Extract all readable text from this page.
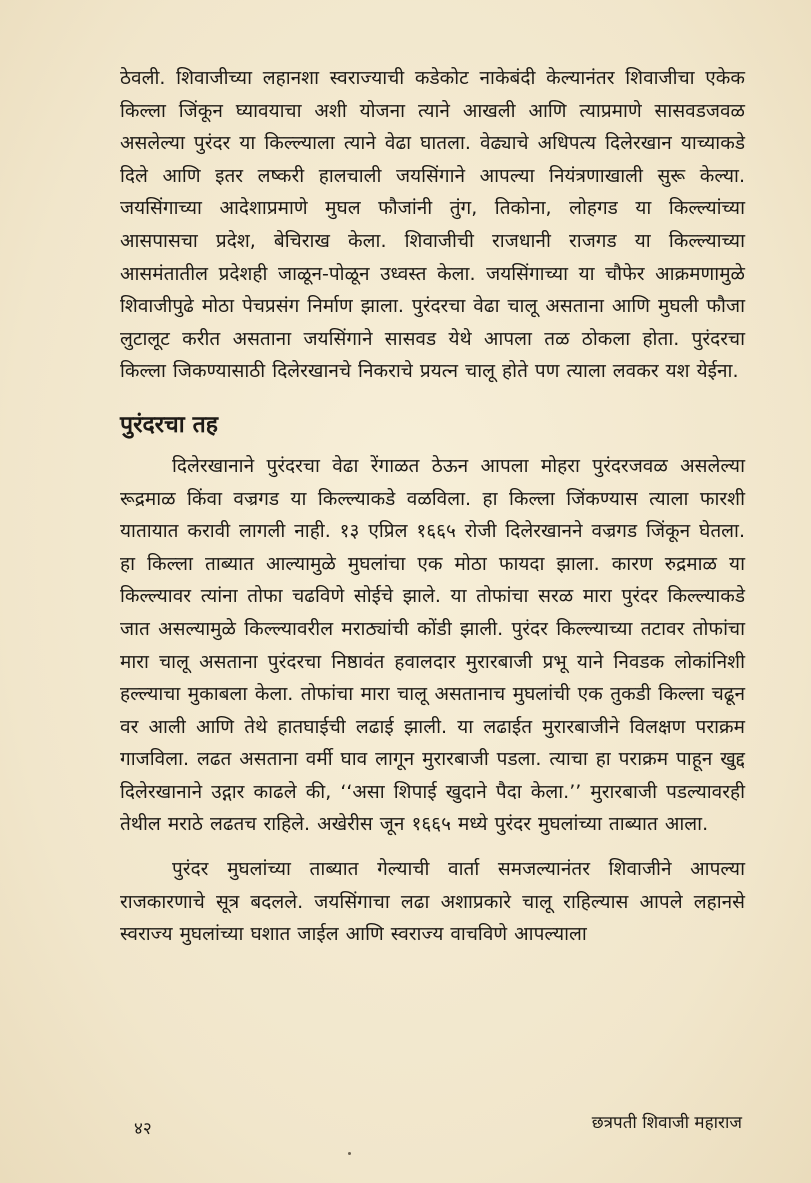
ठेवली. शिवाजीच्या लहानशा स्वराज्याची कडेकोट नाकेबंदी केल्यानंतर शिवाजीचा एकेक किल्ला जिंकून घ्यावयाचा अशी योजना त्याने आखली आणि त्याप्रमाणे सासवडजवळ असलेल्या पुरंदर या किल्ल्याला त्याने वेढा घातला. वेढ्याचे अधिपत्य दिलेरखान याच्याकडे दिले आणि इतर लष्करी हालचाली जयसिंगाने आपल्या नियंत्रणाखाली सुरू केल्या. जयसिंगाच्या आदेशाप्रमाणे मुघल फौजांनी तुंग, तिकोना, लोहगड या किल्ल्यांच्या आसपासचा प्रदेश, बेचिराख केला. शिवाजीची राजधानी राजगड या किल्ल्याच्या आसमंतातील प्रदेशही जाळून-पोळून उध्वस्त केला. जयसिंगाच्या या चौफेर आक्रमणामुळे शिवाजीपुढे मोठा पेचप्रसंग निर्माण झाला. पुरंदरचा वेढा चालू असताना आणि मुघली फौजा लुटालूट करीत असताना जयसिंगाने सासवड येथे आपला तळ ठोकला होता. पुरंदरचा किल्ला जिकण्यासाठी दिलेरखानचे निकराचे प्रयत्न चालू होते पण त्याला लवकर यश येईना.

पुरंदरचा तह

दिलेरखानाने पुरंदरचा वेढा रेंगाळत ठेऊन आपला मोहरा पुरंदरजवळ असलेल्या रूद्रमाळ किंवा वज्रगड या किल्ल्याकडे वळविला. हा किल्ला जिंकण्यास त्याला फारशी यातायात करावी लागली नाही. १३ एप्रिल १६६५ रोजी दिलेरखानने वज्रगड जिंकून घेतला. हा किल्ला ताब्यात आल्यामुळे मुघलांचा एक मोठा फायदा झाला. कारण रुद्रमाळ या किल्ल्यावर त्यांना तोफा चढविणे सोईचे झाले. या तोफांचा सरळ मारा पुरंदर किल्ल्याकडे जात असल्यामुळे किल्ल्यावरील मराठ्यांची कोंडी झाली. पुरंदर किल्ल्याच्या तटावर तोफांचा मारा चालू असताना पुरंदरचा निष्ठावंत हवालदार मुरारबाजी प्रभू याने निवडक लोकांनिशी हल्ल्याचा मुकाबला केला. तोफांचा मारा चालू असतानाच मुघलांची एक तुकडी किल्ला चढून वर आली आणि तेथे हातघाईची लढाई झाली. या लढाईत मुरारबाजीने विलक्षण पराक्रम गाजविला. लढत असताना वर्मी घाव लागून मुरारबाजी पडला. त्याचा हा पराक्रम पाहून खुद्द दिलेरखानाने उद्गार काढले की, ‘‘असा शिपाई खुदाने पैदा केला.’’ मुरारबाजी पडल्यावरही तेथील मराठे लढतच राहिले. अखेरीस जून १६६५ मध्ये पुरंदर मुघलांच्या ताब्यात आला.

पुरंदर मुघलांच्या ताब्यात गेल्याची वार्ता समजल्यानंतर शिवाजीने आपल्या राजकारणाचे सूत्र बदलले. जयसिंगाचा लढा अशाप्रकारे चालू राहिल्यास आपले लहानसे स्वराज्य मुघलांच्या घशात जाईल आणि स्वराज्य वाचविणे आपल्याला

४२	छत्रपती शिवाजी महाराज
